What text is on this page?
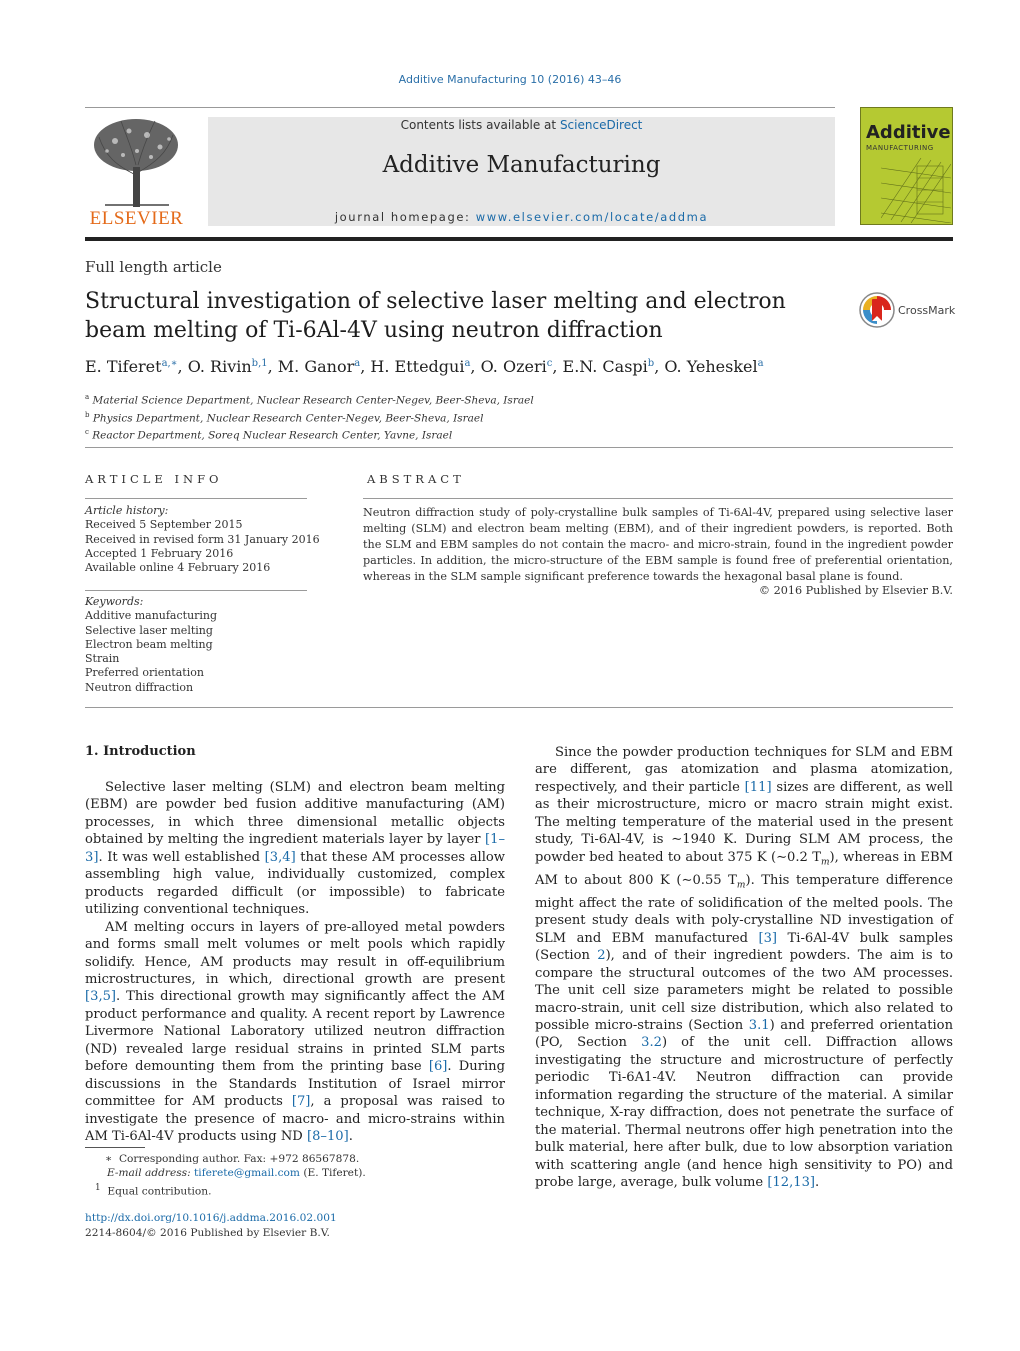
Additive Manufacturing 10 (2016) 43–46
ELSEVIER
Contents lists available at ScienceDirect
Additive Manufacturing
journal homepage: www.elsevier.com/locate/addma
Additive
MANUFACTURING
Full length article
Structural investigation of selective laser melting and electron beam melting of Ti-6Al-4V using neutron diffraction
CrossMark
E. Tiferet$^{a,∗}$, O. Rivin$^{b,1}$, M. Ganor$^a$, H. Ettedgui$^a$, O. Ozeri$^c$, E.N. Caspi$^b$, O. Yeheskel$^a$
$^a$ Material Science Department, Nuclear Research Center-Negev, Beer-Sheva, Israel
$^b$ Physics Department, Nuclear Research Center-Negev, Beer-Sheva, Israel
$^c$ Reactor Department, Soreq Nuclear Research Center, Yavne, Israel
ARTICLE INFO
Article history:
Received 5 September 2015
Received in revised form 31 January 2016
Accepted 1 February 2016
Available online 4 February 2016
Keywords:
Additive manufacturing
Selective laser melting
Electron beam melting
Strain
Preferred orientation
Neutron diffraction
ABSTRACT

Neutron diffraction study of poly-crystalline bulk samples of Ti-6Al-4V, prepared using selective laser melting (SLM) and electron beam melting (EBM), and of their ingredient powders, is reported. Both the SLM and EBM samples do not contain the macro- and micro-strain, found in the ingredient powder particles. In addition, the micro-structure of the EBM sample is found free of preferential orientation, whereas in the SLM sample significant preference towards the hexagonal basal plane is found.

© 2016 Published by Elsevier B.V.
1. Introduction

Selective laser melting (SLM) and electron beam melting (EBM) are powder bed fusion additive manufacturing (AM) processes, in which three dimensional metallic objects obtained by melting the ingredient materials layer by layer [1–3]. It was well established [3,4] that these AM processes allow assembling high value, individually customized, complex products regarded difficult (or impossible) to fabricate utilizing conventional techniques.

AM melting occurs in layers of pre-alloyed metal powders and forms small melt volumes or melt pools which rapidly solidify. Hence, AM products may result in off-equilibrium microstructures, in which, directional growth are present [3,5]. This directional growth may significantly affect the AM product performance and quality. A recent report by Lawrence Livermore National Laboratory utilized neutron diffraction (ND) revealed large residual strains in printed SLM parts before demounting them from the printing base [6]. During discussions in the Standards Institution of Israel mirror committee for AM products [7], a proposal was raised to investigate the presence of macro- and micro-strains within AM Ti-6Al-4V products using ND [8–10].

Since the powder production techniques for SLM and EBM are different, gas atomization and plasma atomization, respectively, and their particle [11] sizes are different, as well as their microstructure, micro or macro strain might exist. The melting temperature of the material used in the present study, Ti-6Al-4V, is ∼1940 K. During SLM AM process, the powder bed heated to about 375 K (∼0.2 $T_m$), whereas in EBM AM to about 800 K (∼0.55 $T_m$). This temperature difference might affect the rate of solidification of the melted pools. The present study deals with poly-crystalline ND investigation of SLM and EBM manufactured [3] Ti-6Al-4V bulk samples (Section 2), and of their ingredient powders. The aim is to compare the structural outcomes of the two AM processes. The unit cell size parameters might be related to possible macro-strain, unit cell size distribution, which also related to possible micro-strains (Section 3.1) and preferred orientation (PO, Section 3.2) of the unit cell. Diffraction allows investigating the structure and microstructure of perfectly periodic Ti-6A1-4V. Neutron diffraction can provide information regarding the structure of the material. A similar technique, X-ray diffraction, does not penetrate the surface of the material. Thermal neutrons offer high penetration into the bulk material, here after bulk, due to low absorption variation with scattering angle (and hence high sensitivity to PO) and probe large, average, bulk volume [12,13].

∗ Corresponding author. Fax: +972 86567878.
E-mail address: tiferete@gmail.com (E. Tiferet).
$^1$ Equal contribution.
http://dx.doi.org/10.1016/j.addma.2016.02.001
2214-8604/© 2016 Published by Elsevier B.V.
